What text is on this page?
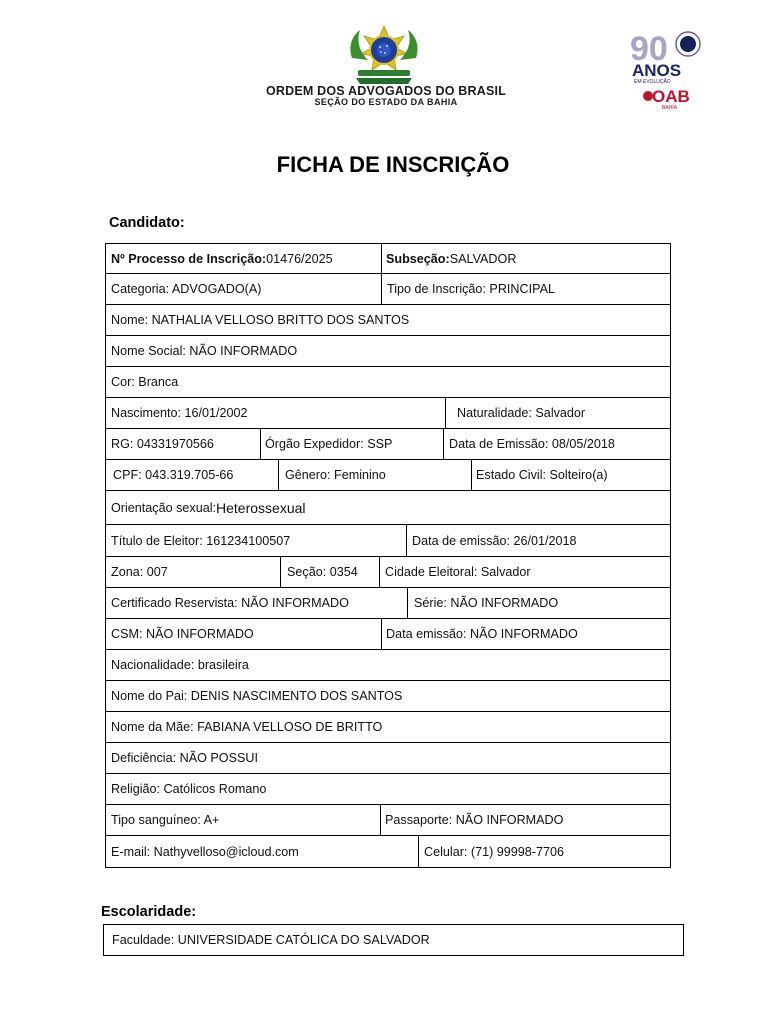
ORDEM DOS ADVOGADOS DO BRASIL
SEÇÃO DO ESTADO DA BAHIA
90
ANOS
EM EVOLUÇÃO
OAB
BAHIA
FICHA DE INSCRIÇÃO
Candidato:
Nº Processo de Inscrição: 01476/2025	Subseção: SALVADOR
Categoria: ADVOGADO(A)	Tipo de Inscrição: PRINCIPAL
Nome: NATHALIA VELLOSO BRITTO DOS SANTOS
Nome Social: NÃO INFORMADO
Cor: Branca
Nascimento: 16/01/2002	Naturalidade: Salvador
RG: 04331970566	Órgão Expedidor: SSP	Data de Emissão: 08/05/2018
CPF: 043.319.705-66	Gênero: Feminino	Estado Civil: Solteiro(a)
Orientação sexual: Heterossexual
Título de Eleitor: 161234100507	Data de emissão: 26/01/2018
Zona: 007	Seção: 0354	Cidade Eleitoral: Salvador
Certificado Reservista: NÃO INFORMADO	Série: NÃO INFORMADO
CSM: NÃO INFORMADO	Data emissão: NÃO INFORMADO
Nacionalidade: brasileira
Nome do Pai: DENIS NASCIMENTO DOS SANTOS
Nome da Mãe: FABIANA VELLOSO DE BRITTO
Deficiência: NÃO POSSUI
Religião: Católicos Romano
Tipo sanguíneo: A+	Passaporte: NÃO INFORMADO
E-mail: Nathyvelloso@icloud.com	Celular: (71) 99998-7706
Escolaridade:
Faculdade: UNIVERSIDADE CATÓLICA DO SALVADOR
